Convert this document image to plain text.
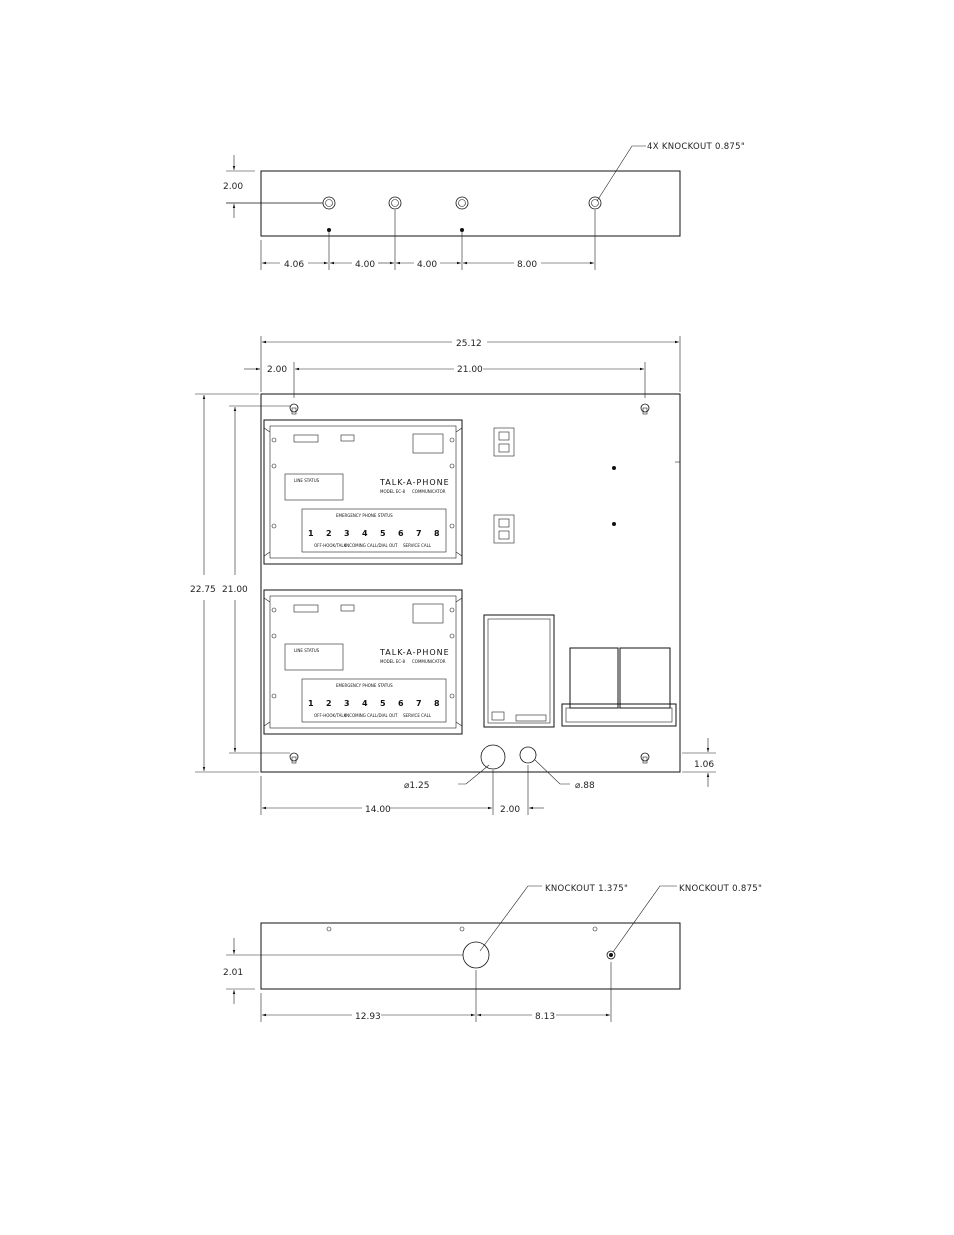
2.00
4X KNOCKOUT 0.875"
4.06	4.00	4.00	8.00
25.12
2.00	21.00
22.75 21.00
LINE STATUS	TALK-A-PHONE
MODEL EC-8 COMMUNICATOR
EMERGENCY PHONE STATUS
1 2 3 4 5 6 7 8
OFF-HOOK/TALK
INCOMING CALL/DIAL OUT SERVICE CALL
LINE STATUS	TALK-A-PHONE
MODEL EC-8 COMMUNICATOR
EMERGENCY PHONE STATUS
1 2 3 4 5 6 7 8
OFF-HOOK/TALK
INCOMING CALL/DIAL OUT SERVICE CALL
⌀1.25	⌀.88
1.06
14.00	2.00
KNOCKOUT 1.375"	KNOCKOUT 0.875"
2.01
12.93	8.13
